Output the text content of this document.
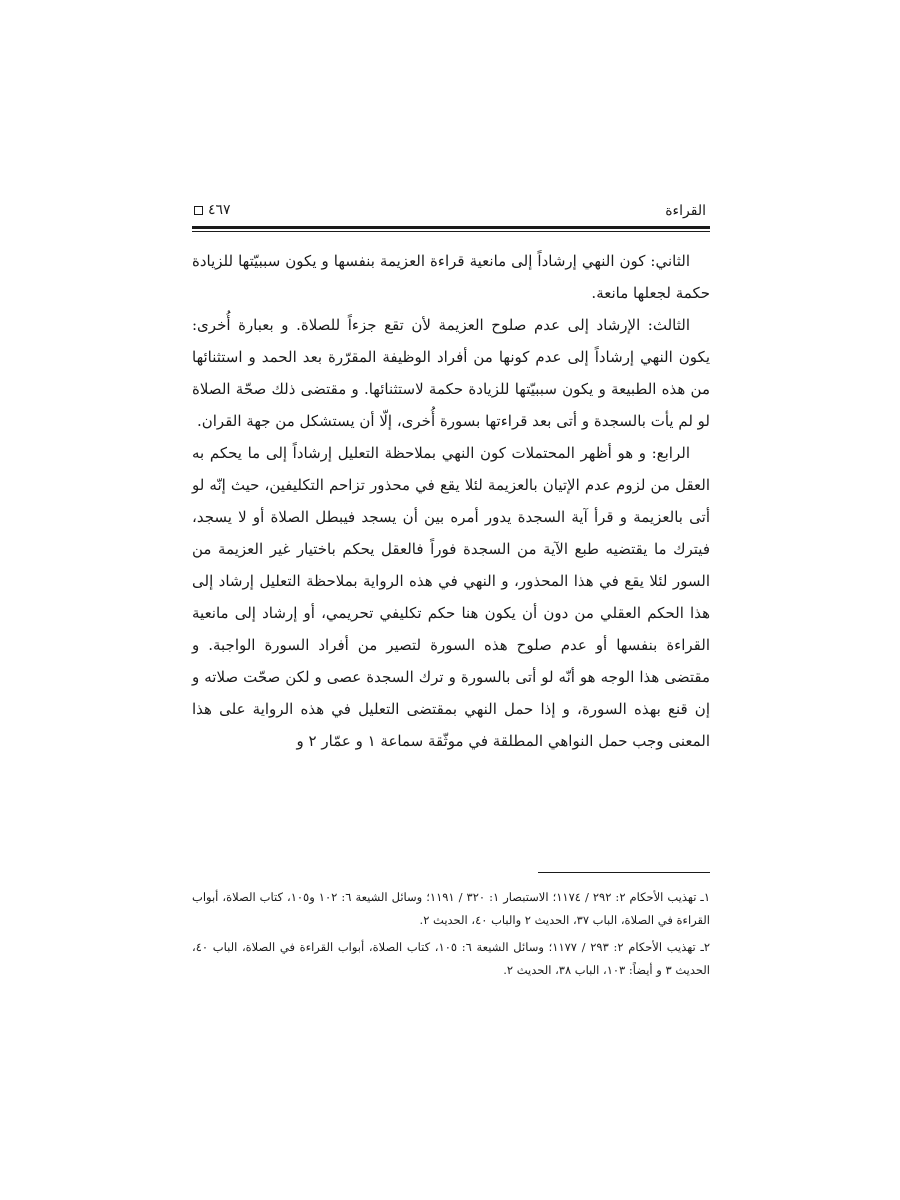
القراءة
٤٦٧

الثاني: كون النهي إرشاداً إلى مانعية قراءة العزيمة بنفسها و يكون سببيّتها للزيادة حكمة لجعلها مانعة.

الثالث: الإرشاد إلى عدم صلوح العزيمة لأن تقع جزءاً للصلاة. و بعبارة أُخرى: يكون النهي إرشاداً إلى عدم كونها من أفراد الوظيفة المقرّرة بعد الحمد و استثنائها من هذه الطبيعة و يكون سببيّتها للزيادة حكمة لاستثنائها. و مقتضى ذلك صحّة الصلاة لو لم يأت بالسجدة و أتى بعد قراءتها بسورة أُخرى، إلّا أن يستشكل من جهة القران.

الرابع: و هو أظهر المحتملات كون النهي بملاحظة التعليل إرشاداً إلى ما يحكم به العقل من لزوم عدم الإتيان بالعزيمة لئلا يقع في محذور تزاحم التكليفين، حيث إنّه لو أتى بالعزيمة و قرأ آية السجدة يدور أمره بين أن يسجد فيبطل الصلاة أو لا يسجد، فيترك ما يقتضيه طبع الآية من السجدة فوراً فالعقل يحكم باختيار غير العزيمة من السور لئلا يقع في هذا المحذور، و النهي في هذه الرواية بملاحظة التعليل إرشاد إلى هذا الحكم العقلي من دون أن يكون هنا حكم تكليفي تحريمي، أو إرشاد إلى مانعية القراءة بنفسها أو عدم صلوح هذه السورة لتصير من أفراد السورة الواجبة. و مقتضى هذا الوجه هو أنّه لو أتى بالسورة و ترك السجدة عصى و لكن صحّت صلاته و إن قنع بهذه السورة، و إذا حمل النهي بمقتضى التعليل في هذه الرواية على هذا المعنى وجب حمل النواهي المطلقة في موثّقة سماعة ١ و عمّار ٢ و

١ـ تهذيب الأحكام ٢: ٢٩٢ / ١١٧٤؛ الاستبصار ١: ٣٢٠ / ١١٩١؛ وسائل الشيعة ٦: ١٠٢ و١٠٥، كتاب الصلاة، أبواب القراءة في الصلاة، الباب ٣٧، الحديث ٢ والباب ٤٠، الحديث ٢.

٢ـ تهذيب الأحكام ٢: ٢٩٣ / ١١٧٧؛ وسائل الشيعة ٦: ١٠٥، كتاب الصلاة، أبواب القراءة في الصلاة، الباب ٤٠، الحديث ٣ و أيضاً: ١٠٣، الباب ٣٨، الحديث ٢.
